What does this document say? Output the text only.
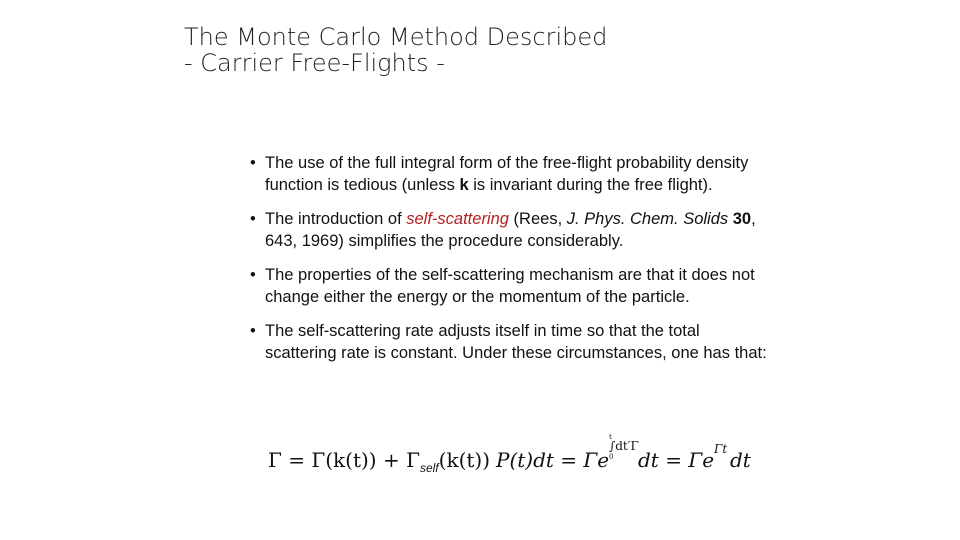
The Monte Carlo Method Described
- Carrier Free-Flights -
• The use of the full integral form of the free-flight probability density function is tedious (unless k is invariant during the free flight).
• The introduction of self-scattering (Rees, J. Phys. Chem. Solids 30, 643, 1969) simplifies the procedure considerably.
• The properties of the self-scattering mechanism are that it does not change either the energy or the momentum of the particle.
• The self-scattering rate adjusts itself in time so that the total scattering rate is constant. Under these circumstances, one has that:
$\Gamma = \Gamma(k(t)) + \Gamma_{self}(k(t)) P(t)dt = \Gamma e$
t
∫dt′Γ
0 dt = Γe Γt dt
